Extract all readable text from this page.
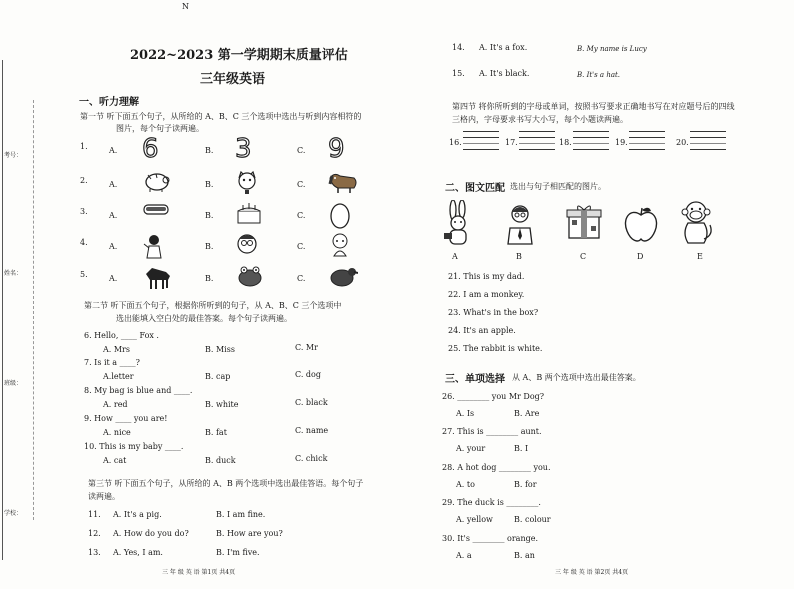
考号：
姓名：
班级：
学校：
N
2022~2023 第一学期期末质量评估
三年级英语
一、听力理解
第一节 听下面五个句子，从所给的 A、B、C 三个选项中选出与听到内容相符的
图片，每个句子读两遍。
1.	A. 6	B. 3	C. 9
2.	A.	B.	C.
3.	A.	B.	C.
4.	A.	B.	C.
5.	A.	B.	C.
第二节 听下面五个句子，根据你所听到的句子，从 A、B、C 三个选项中
选出能填入空白处的最佳答案。每个句子读两遍。
6. Hello, ____ Fox .
A. Mrs	B. Miss	C. Mr
7. Is it a ____?
A.letter	B. cap	C. dog
8. My bag is blue and ____.
A. red	B. white	C. black
9. How ____ you are!
A. nice	B. fat	C. name
10. This is my baby ____.
A. cat	B. duck	C. chick
第三节 听下面五个句子，从所给的 A、B 两个选项中选出最佳答语。每个句子
读两遍。
11. A. It's a pig.	B. I am fine.
12. A. How do you do?	B. How are you?
13. A. Yes, I am.	B. I'm five.
三 年 级 英 语 第1页 共4页
14. A. It's a fox.	B. My name is Lucy
15. A. It's black.	B. It's a hat.
第四节 将你所听到的字母或单词，按照书写要求正确地书写在对应题号后的四线
三格内，字母要求书写大小写，每个小题读两遍。
16.	17.	18.	19.	20.
二、图文匹配 选出与句子相匹配的图片。
A	B	C	D	E
21. This is my dad.
22. I am a monkey.
23. What's in the box?
24. It's an apple.
25. The rabbit is white.
三、单项选择 从 A、B 两个选项中选出最佳答案。
26. ________ you Mr Dog?
A. Is	B. Are
27. This is ________ aunt.
A. your	B. I
28. A hot dog ________ you.
A. to	B. for
29. The duck is ________.
A. yellow	B. colour
30. It's ________ orange.
A. a	B. an
三 年 级 英 语 第2页 共4页
